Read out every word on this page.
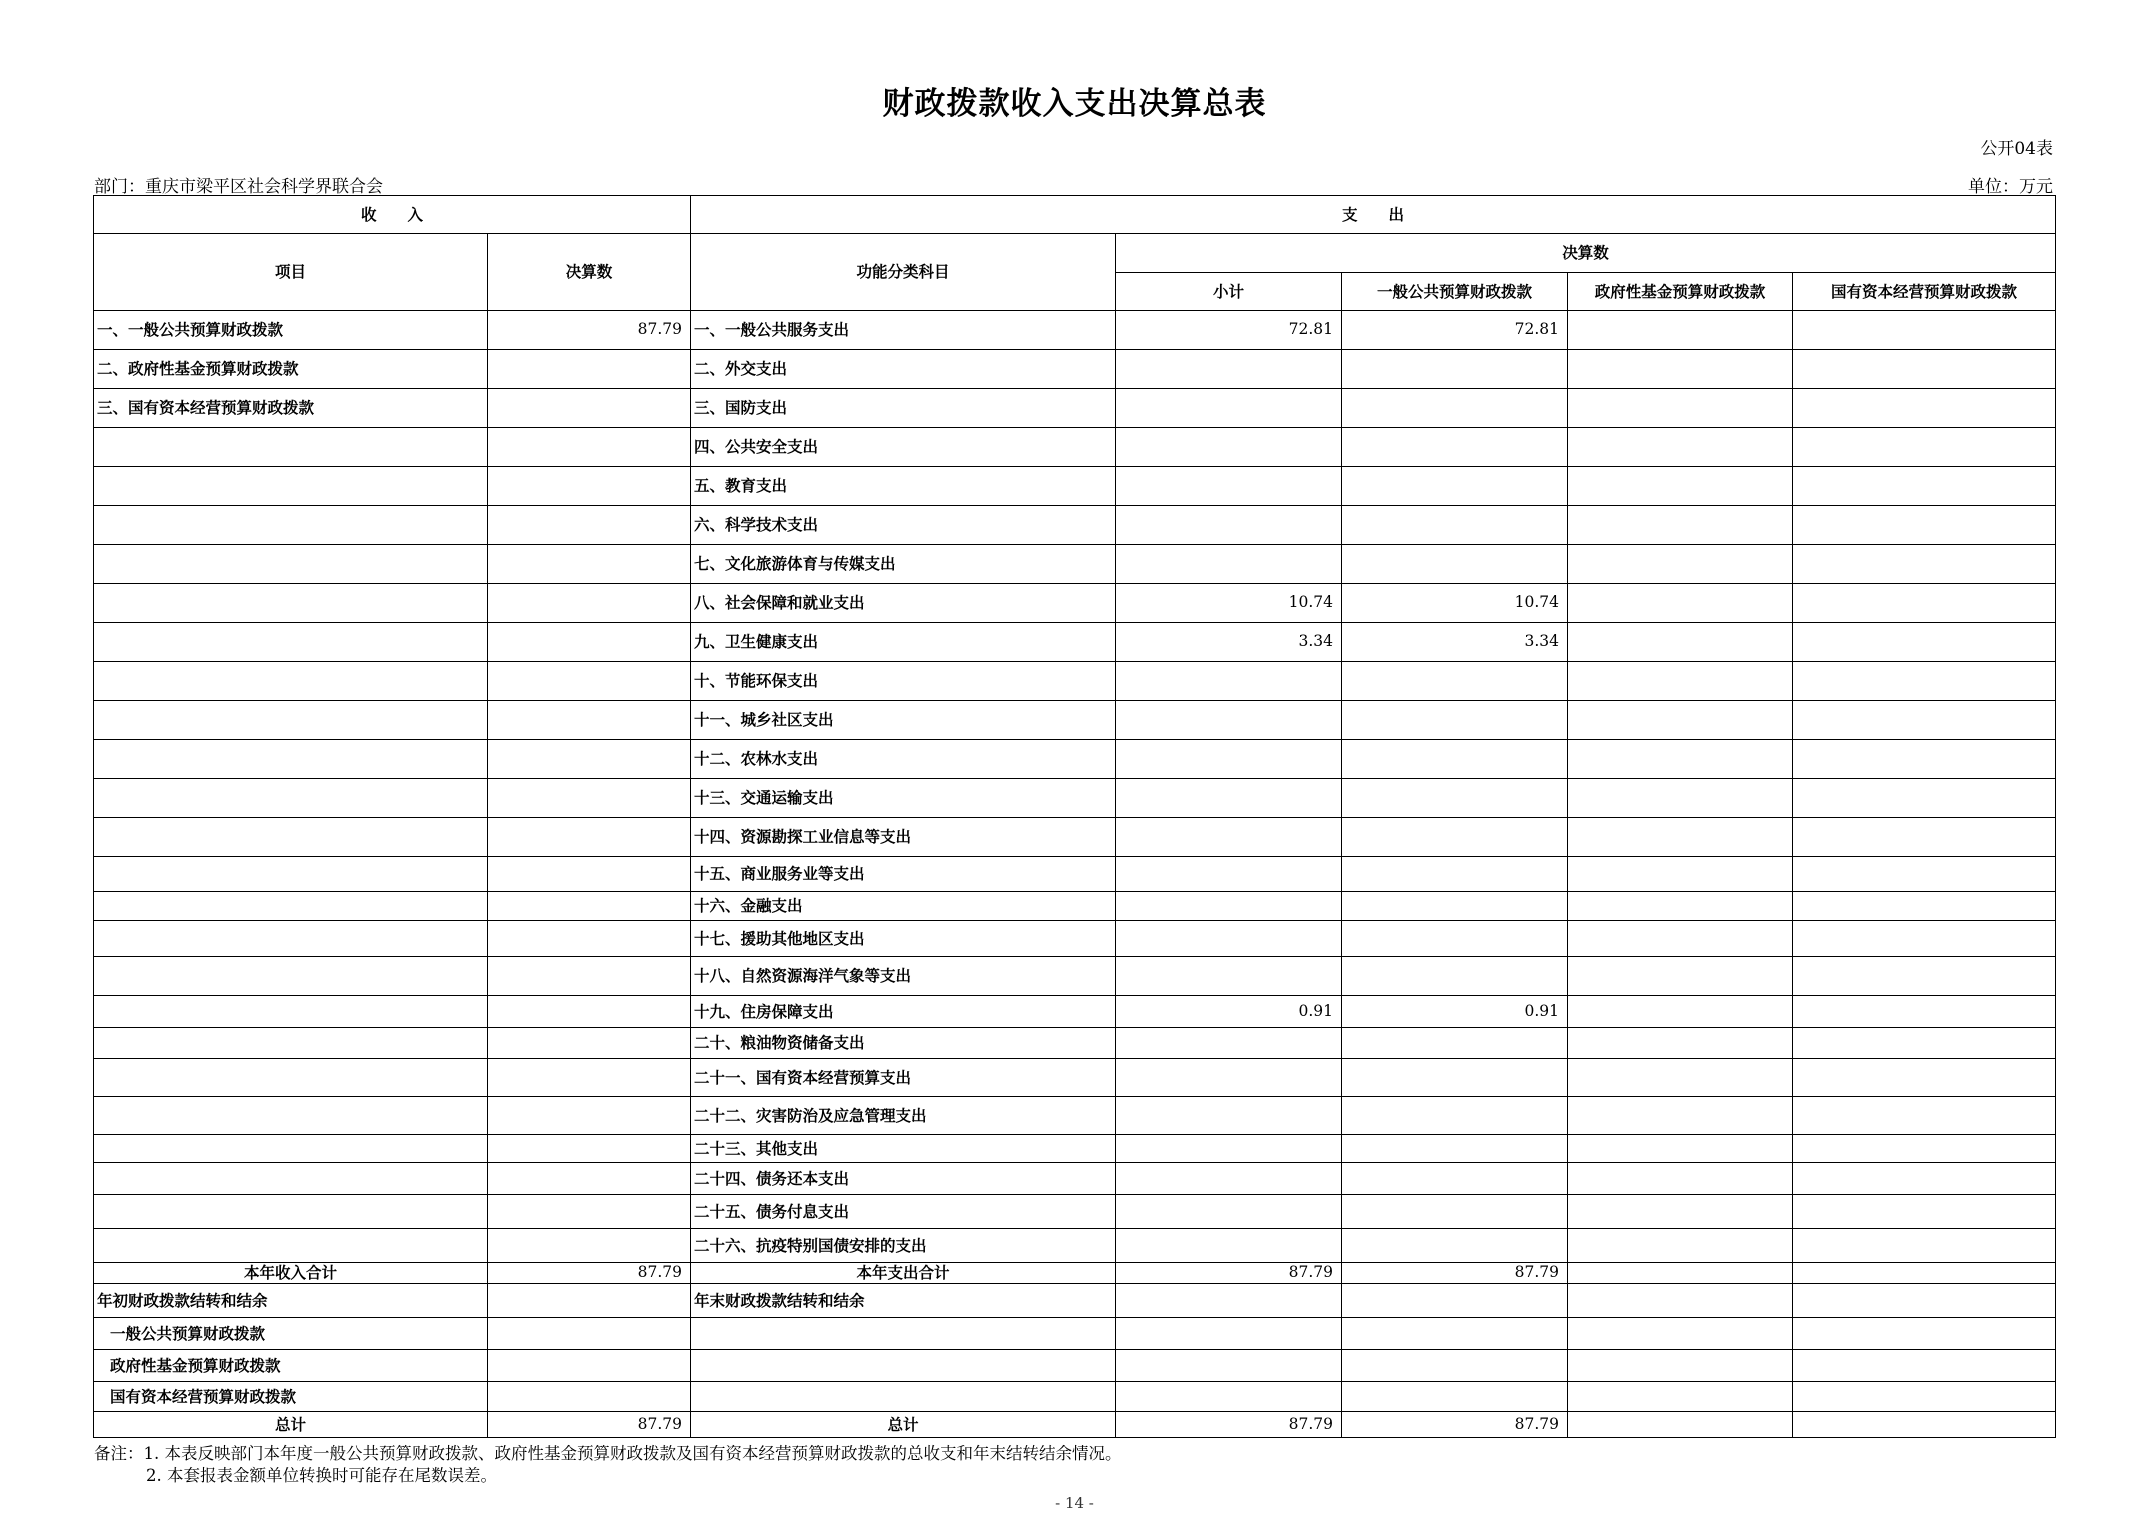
财政拨款收入支出决算总表
公开04表
部门：重庆市梁平区社会科学界联合会	单位：万元
收　　入		支　　出				
项目	决算数	功能分类科目	决算数			
			小计	一般公共预算财政拨款	政府性基金预算财政拨款	国有资本经营预算财政拨款
一、一般公共预算财政拨款	87.79	一、一般公共服务支出	72.81	72.81		
二、政府性基金预算财政拨款		二、外交支出				
三、国有资本经营预算财政拨款		三、国防支出				
		四、公共安全支出				
		五、教育支出				
		六、科学技术支出				
		七、文化旅游体育与传媒支出				
		八、社会保障和就业支出	10.74	10.74		
		九、卫生健康支出	3.34	3.34		
		十、节能环保支出				
		十一、城乡社区支出				
		十二、农林水支出				
		十三、交通运输支出				
		十四、资源勘探工业信息等支出				
		十五、商业服务业等支出				
		十六、金融支出				
		十七、援助其他地区支出				
		十八、自然资源海洋气象等支出				
		十九、住房保障支出	0.91	0.91		
		二十、粮油物资储备支出				
		二十一、国有资本经营预算支出				
		二十二、灾害防治及应急管理支出				
		二十三、其他支出				
		二十四、债务还本支出				
		二十五、债务付息支出				
		二十六、抗疫特别国债安排的支出				
本年收入合计	87.79	本年支出合计	87.79	87.79		
年初财政拨款结转和结余		年末财政拨款结转和结余				
一般公共预算财政拨款						
政府性基金预算财政拨款						
国有资本经营预算财政拨款						
总计	87.79	总计	87.79	87.79		
备注：1. 本表反映部门本年度一般公共预算财政拨款、政府性基金预算财政拨款及国有资本经营预算财政拨款的总收支和年末结转结余情况。
2. 本套报表金额单位转换时可能存在尾数误差。
- 14 -
